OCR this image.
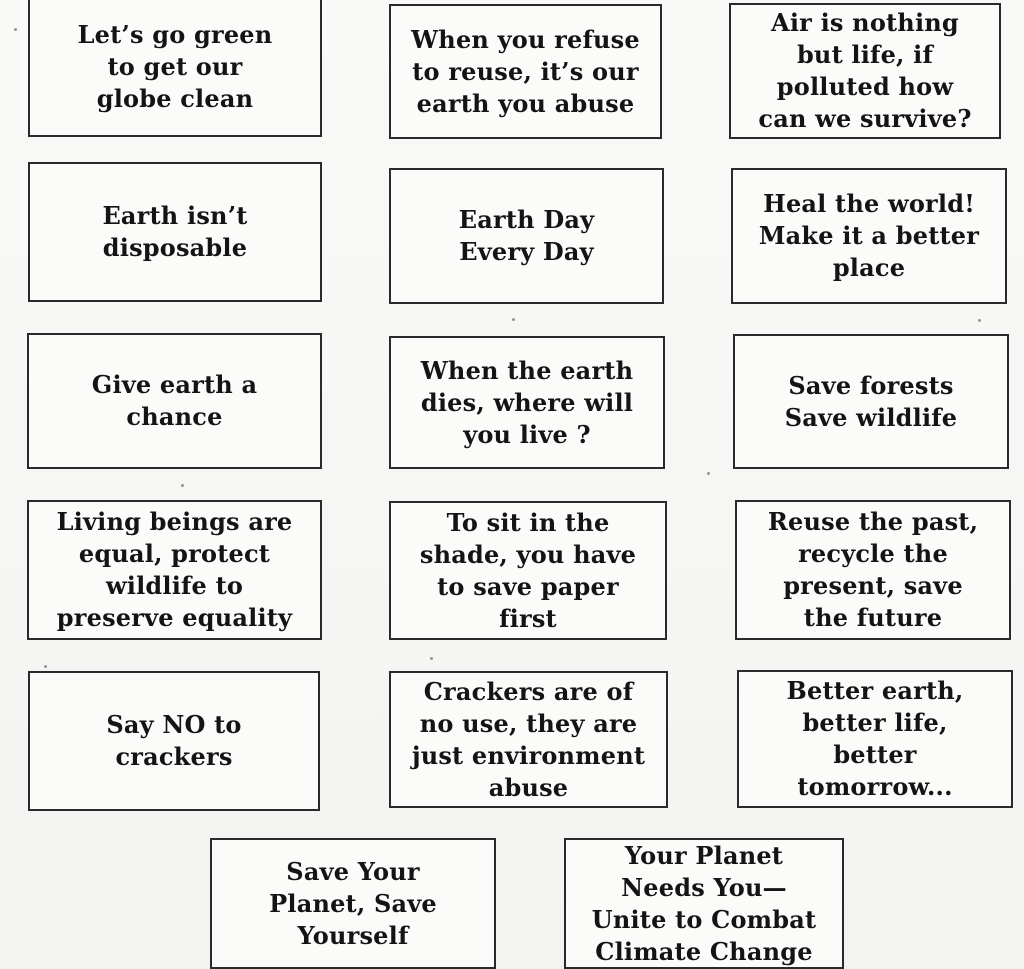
Let’s go green
to get our
globe clean
When you refuse
to reuse, it’s our
earth you abuse
Air is nothing
but life, if
polluted how
can we survive?
Earth isn’t
disposable
Earth Day
Every Day
Heal the world!
Make it a better
place
Give earth a
chance
When the earth
dies, where will
you live ?
Save forests
Save wildlife
Living beings are
equal, protect
wildlife to
preserve equality
To sit in the
shade, you have
to save paper
first
Reuse the past,
recycle the
present, save
the future
Say NO to
crackers
Crackers are of
no use, they are
just environment
abuse
Better earth,
better life,
better
tomorrow...
Save Your
Planet, Save
Yourself
Your Planet
Needs You—
Unite to Combat
Climate Change
